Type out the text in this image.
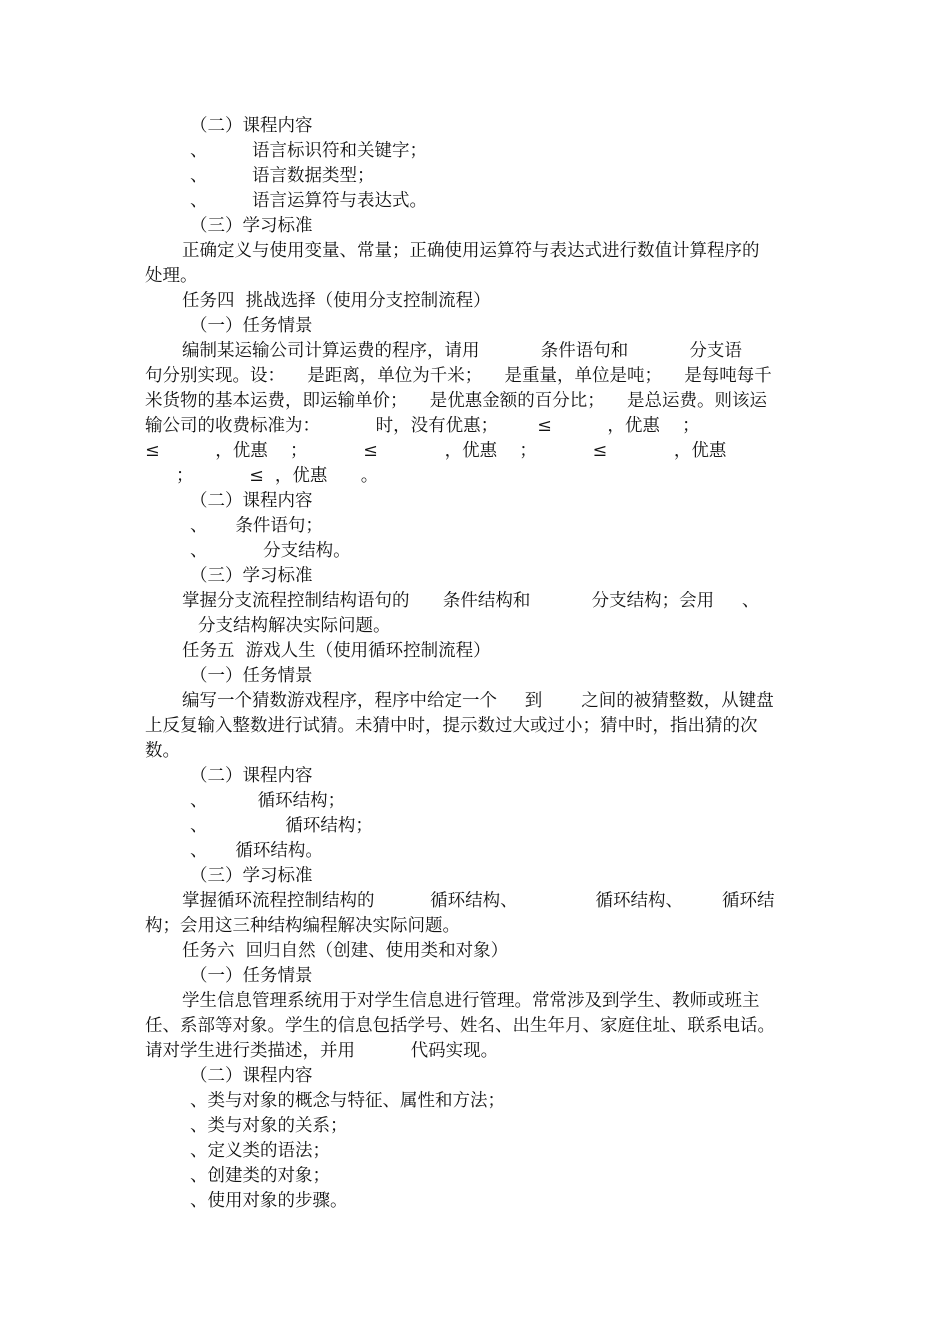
（二）课程内容
、        语言标识符和关键字；
、        语言数据类型；
、        语言运算符与表达式。
（三）学习标准
正确定义与使用变量、常量；正确使用运算符与表达式进行数值计算程序的
处理。
任务四  挑战选择（使用分支控制流程）
（一）任务情景
编制某运输公司计算运费的程序，请用           条件语句和           分支语
句分别实现。设：    是距离，单位为千米；    是重量，单位是吨；    是每吨每千
米货物的基本运费，即运输单价；    是优惠金额的百分比；    是总运费。则该运
输公司的收费标准为：          时，没有优惠；       ≤          ，优惠    ；
≤          ，优惠    ；          ≤            ，优惠    ；          ≤            ，优惠
；          ≤  ，优惠      。
（二）课程内容
、     条件语句；
、          分支结构。
（三）学习标准
掌握分支流程控制结构语句的      条件结构和           分支结构；会用     、
分支结构解决实际问题。
任务五  游戏人生（使用循环控制流程）
（一）任务情景
编写一个猜数游戏程序，程序中给定一个     到       之间的被猜整数，从键盘
上反复输入整数进行试猜。未猜中时，提示数过大或过小；猜中时，指出猜的次
数。
（二）课程内容
、         循环结构；
、              循环结构；
、     循环结构。
（三）学习标准
掌握循环流程控制结构的          循环结构、              循环结构、       循环结
构；会用这三种结构编程解决实际问题。
任务六  回归自然（创建、使用类和对象）
（一）任务情景
学生信息管理系统用于对学生信息进行管理。常常涉及到学生、教师或班主
任、系部等对象。学生的信息包括学号、姓名、出生年月、家庭住址、联系电话。
请对学生进行类描述，并用          代码实现。
（二）课程内容
、类与对象的概念与特征、属性和方法；
、类与对象的关系；
、定义类的语法；
、创建类的对象；
、使用对象的步骤。
